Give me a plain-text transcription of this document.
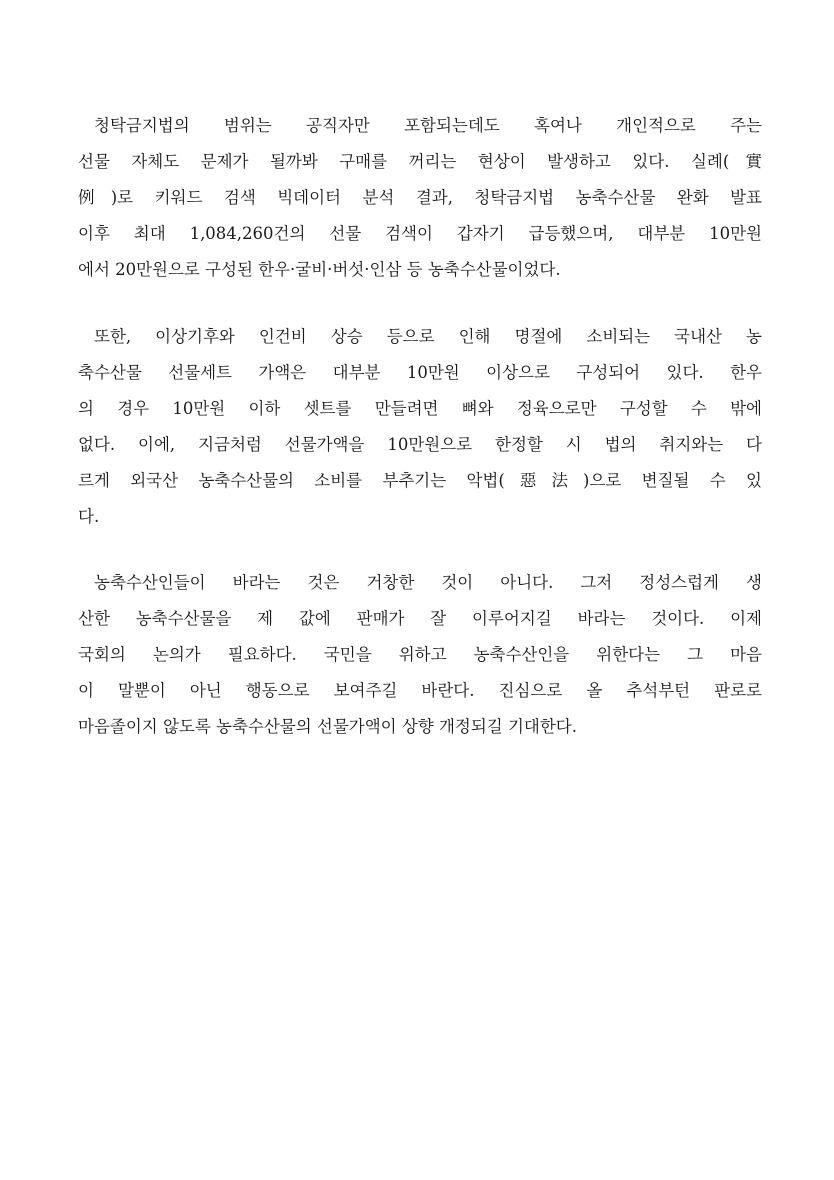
청탁금지법의 범위는 공직자만 포함되는데도 혹여나 개인적으로 주는
선물 자체도 문제가 될까봐 구매를 꺼리는 현상이 발생하고 있다. 실례(實
例)로 키워드 검색 빅데이터 분석 결과, 청탁금지법 농축수산물 완화 발표
이후 최대 1,084,260건의 선물 검색이 갑자기 급등했으며, 대부분 10만원
에서 20만원으로 구성된 한우·굴비·버섯·인삼 등 농축수산물이었다.

또한, 이상기후와 인건비 상승 등으로 인해 명절에 소비되는 국내산 농
축수산물 선물세트 가액은 대부분 10만원 이상으로 구성되어 있다. 한우
의 경우 10만원 이하 셋트를 만들려면 뼈와 정육으로만 구성할 수 밖에
없다. 이에, 지금처럼 선물가액을 10만원으로 한정할 시 법의 취지와는 다
르게 외국산 농축수산물의 소비를 부추기는 악법(惡法)으로 변질될 수 있
다.

농축수산인들이 바라는 것은 거창한 것이 아니다. 그저 정성스럽게 생
산한 농축수산물을 제 값에 판매가 잘 이루어지길 바라는 것이다. 이제
국회의 논의가 필요하다. 국민을 위하고 농축수산인을 위한다는 그 마음
이 말뿐이 아닌 행동으로 보여주길 바란다. 진심으로 올 추석부턴 판로로
마음졸이지 않도록 농축수산물의 선물가액이 상향 개정되길 기대한다.
